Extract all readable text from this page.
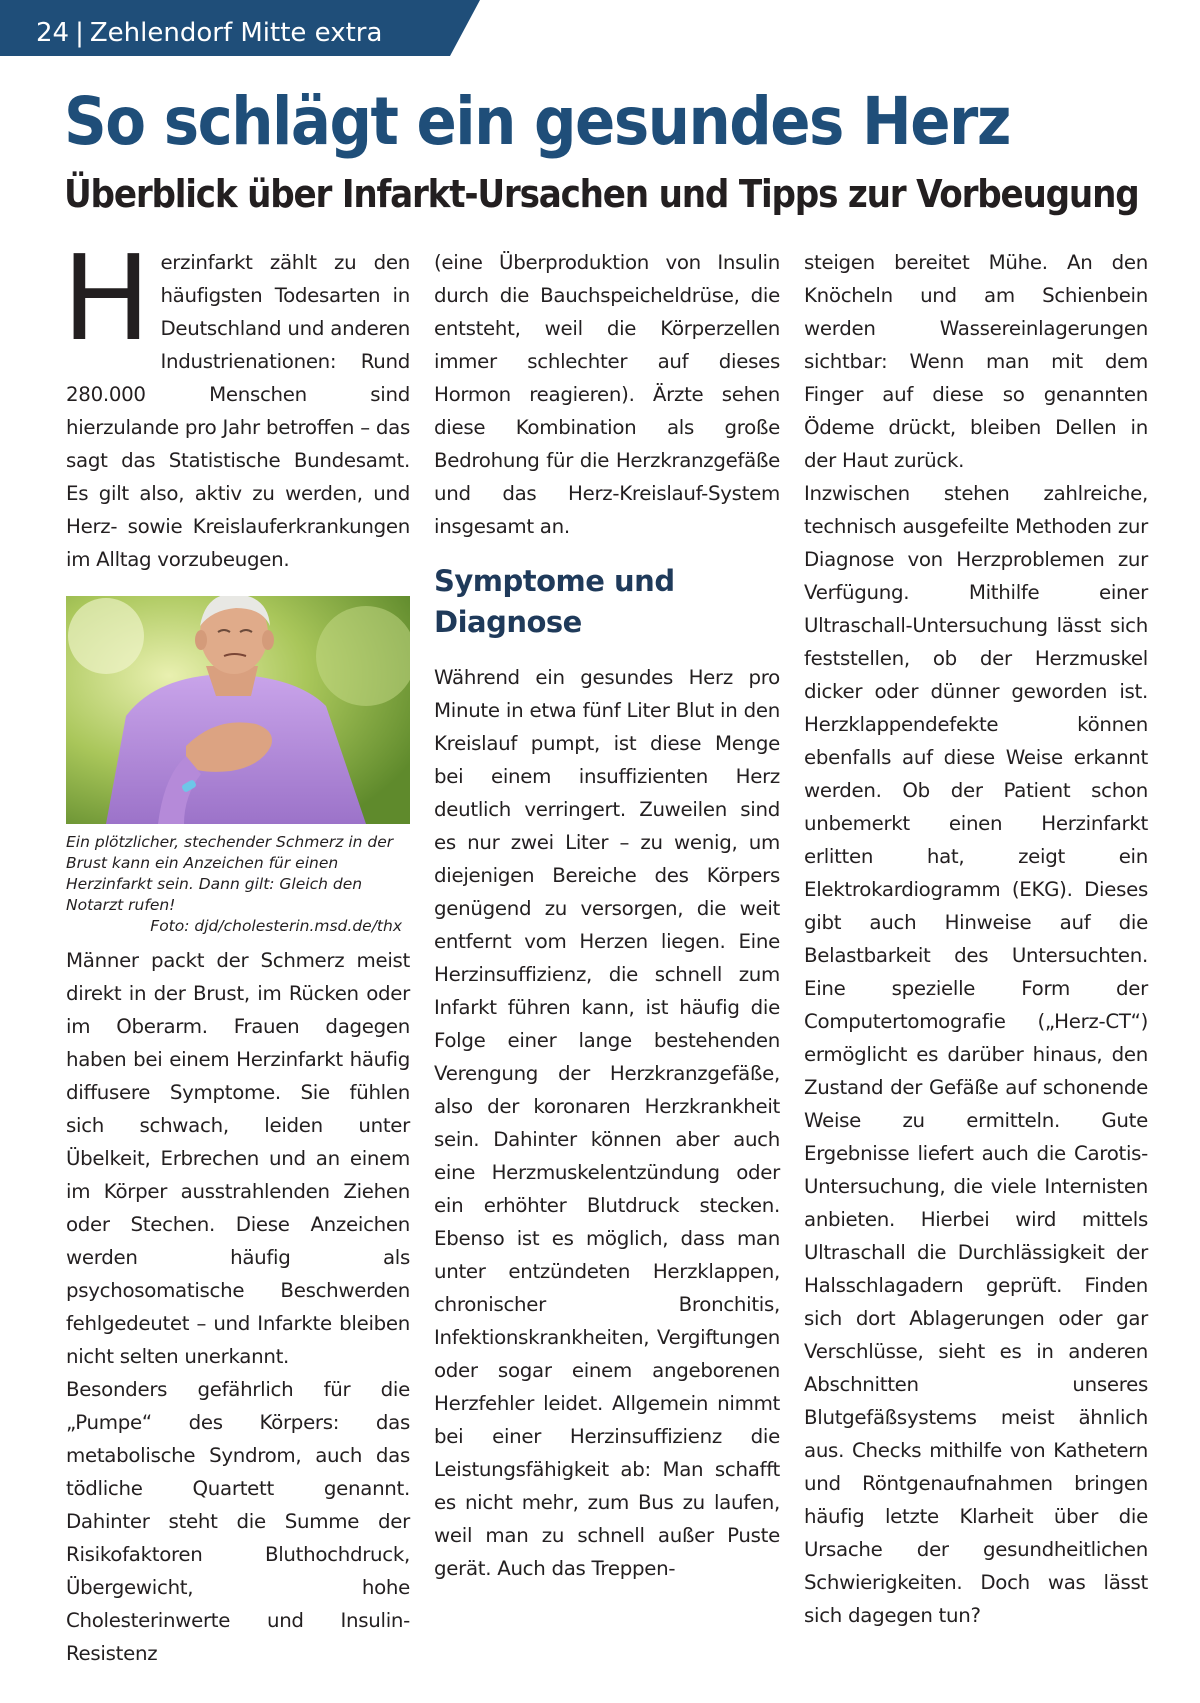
24 | Zehlendorf Mitte extra
So schlägt ein gesundes Herz
Überblick über Infarkt-Ursachen und Tipps zur Vorbeugung
H erzinfarkt zählt zu den häufigsten Todesarten in Deutschland und anderen Industrienationen: Rund 280.000 Menschen sind hierzulande pro Jahr betroffen – das sagt das Statistische Bundesamt. Es gilt also, aktiv zu werden, und Herz- sowie Kreislauferkrankungen im Alltag vorzubeugen.

Ein plötzlicher, stechender Schmerz in der Brust kann ein Anzeichen für einen Herzinfarkt sein. Dann gilt: Gleich den Notarzt rufen!
Foto: djd/cholesterin.msd.de/thx

Männer packt der Schmerz meist direkt in der Brust, im Rücken oder im Oberarm. Frauen dagegen haben bei einem Herzinfarkt häufig diffusere Symptome. Sie fühlen sich schwach, leiden unter Übelkeit, Erbrechen und an einem im Körper ausstrahlenden Ziehen oder Stechen. Diese Anzeichen werden häufig als psychosomatische Beschwerden fehlgedeutet – und Infarkte bleiben nicht selten unerkannt.

Besonders gefährlich für die „Pumpe“ des Körpers: das metabolische Syndrom, auch das tödliche Quartett genannt. Dahinter steht die Summe der Risikofaktoren Bluthochdruck, Übergewicht, hohe Cholesterinwerte und Insulin-Resistenz

(eine Überproduktion von Insulin durch die Bauchspeicheldrüse, die entsteht, weil die Körperzellen immer schlechter auf dieses Hormon reagieren). Ärzte sehen diese Kombination als große Bedrohung für die Herzkranzgefäße und das Herz-Kreislauf-System insgesamt an.

Symptome und Diagnose

Während ein gesundes Herz pro Minute in etwa fünf Liter Blut in den Kreislauf pumpt, ist diese Menge bei einem insuffizienten Herz deutlich verringert. Zuweilen sind es nur zwei Liter – zu wenig, um diejenigen Bereiche des Körpers genügend zu versorgen, die weit entfernt vom Herzen liegen. Eine Herzinsuffizienz, die schnell zum Infarkt führen kann, ist häufig die Folge einer lange bestehenden Verengung der Herzkranzgefäße, also der koronaren Herzkrankheit sein. Dahinter können aber auch eine Herzmuskelentzündung oder ein erhöhter Blutdruck stecken. Ebenso ist es möglich, dass man unter entzündeten Herzklappen, chronischer Bronchitis, Infektionskrankheiten, Vergiftungen oder sogar einem angeborenen Herzfehler leidet. Allgemein nimmt bei einer Herzinsuffizienz die Leistungsfähigkeit ab: Man schafft es nicht mehr, zum Bus zu laufen, weil man zu schnell außer Puste gerät. Auch das Treppen-

steigen bereitet Mühe. An den Knöcheln und am Schienbein werden Wassereinlagerungen sichtbar: Wenn man mit dem Finger auf diese so genannten Ödeme drückt, bleiben Dellen in der Haut zurück.

Inzwischen stehen zahlreiche, technisch ausgefeilte Methoden zur Diagnose von Herzproblemen zur Verfügung. Mithilfe einer Ultraschall-Untersuchung lässt sich feststellen, ob der Herzmuskel dicker oder dünner geworden ist. Herzklappendefekte können ebenfalls auf diese Weise erkannt werden. Ob der Patient schon unbemerkt einen Herzinfarkt erlitten hat, zeigt ein Elektrokardiogramm (EKG). Dieses gibt auch Hinweise auf die Belastbarkeit des Untersuchten. Eine spezielle Form der Computertomografie („Herz-CT“) ermöglicht es darüber hinaus, den Zustand der Gefäße auf schonende Weise zu ermitteln. Gute Ergebnisse liefert auch die Carotis-Untersuchung, die viele Internisten anbieten. Hierbei wird mittels Ultraschall die Durchlässigkeit der Halsschlagadern geprüft. Finden sich dort Ablagerungen oder gar Verschlüsse, sieht es in anderen Abschnitten unseres Blutgefäßsystems meist ähnlich aus. Checks mithilfe von Kathetern und Röntgenaufnahmen bringen häufig letzte Klarheit über die Ursache der gesundheitlichen Schwierigkeiten. Doch was lässt sich dagegen tun?
